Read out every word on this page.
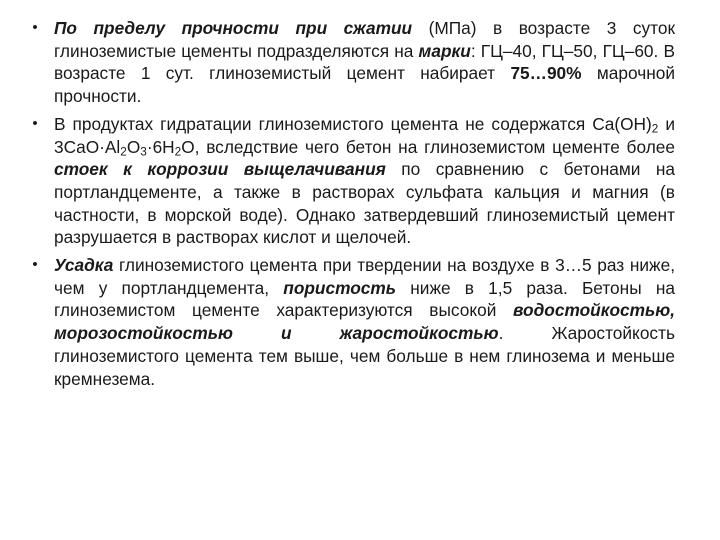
• По пределу прочности при сжатии (МПа) в возрасте 3 суток глиноземистые цементы подразделяются на марки: ГЦ–40, ГЦ–50, ГЦ–60. В возрасте 1 сут. глиноземистый цемент набирает 75…90% марочной прочности.
• В продуктах гидратации глиноземистого цемента не содержатся $Ca(OH)_2$ и $3CaO\cdot Al_2O_3\cdot 6H_2O$, вследствие чего бетон на глиноземистом цементе более стоек к коррозии выщелачивания по сравнению с бетонами на портландцементе, а также в растворах сульфата кальция и магния (в частности, в морской воде). Однако затвердевший глиноземистый цемент разрушается в растворах кислот и щелочей.
• Усадка глиноземистого цемента при твердении на воздухе в 3…5 раз ниже, чем у портландцемента, пористость ниже в 1,5 раза. Бетоны на глиноземистом цементе характеризуются высокой водостойкостью, морозостойкостью и жаростойкостью. Жаростойкость глиноземистого цемента тем выше, чем больше в нем глинозема и меньше кремнезема.
